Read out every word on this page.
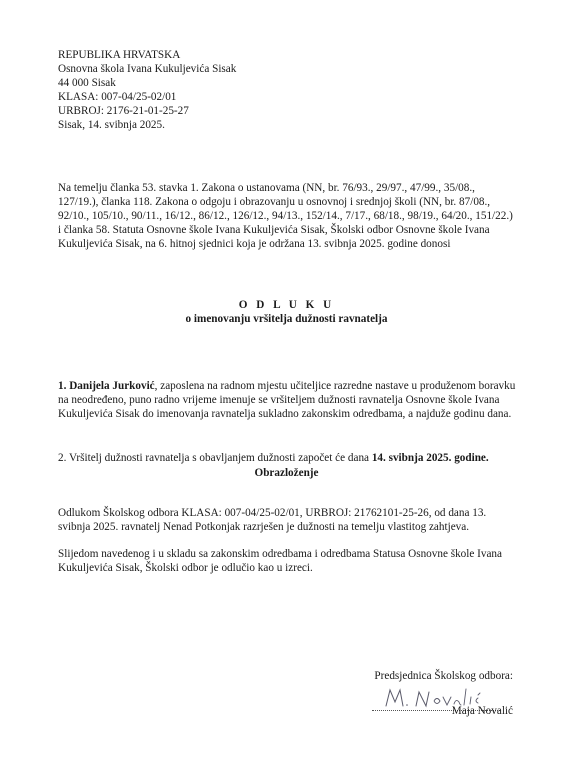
REPUBLIKA HRVATSKA
Osnovna škola Ivana Kukuljevića Sisak
44 000 Sisak
KLASA: 007-04/25-02/01
URBROJ: 2176-21-01-25-27
Sisak, 14. svibnja 2025.
Na temelju članka 53. stavka 1. Zakona o ustanovama (NN, br. 76/93., 29/97., 47/99., 35/08., 127/19.), članka 118. Zakona o odgoju i obrazovanju u osnovnoj i srednjoj školi (NN, br. 87/08., 92/10., 105/10., 90/11., 16/12., 86/12., 126/12., 94/13., 152/14., 7/17., 68/18., 98/19., 64/20., 151/22.) i članka 58. Statuta Osnovne škole Ivana Kukuljevića Sisak, Školski odbor Osnovne škole Ivana Kukuljevića Sisak, na 6. hitnoj sjednici koja je održana 13. svibnja 2025. godine donosi
O D L U K U
o imenovanju vršitelja dužnosti ravnatelja
1. Danijela Jurković, zaposlena na radnom mjestu učiteljice razredne nastave u produženom boravku na neodređeno, puno radno vrijeme imenuje se vršiteljem dužnosti ravnatelja Osnovne škole Ivana Kukuljevića Sisak do imenovanja ravnatelja sukladno zakonskim odredbama, a najduže godinu dana.
2. Vršitelj dužnosti ravnatelja s obavljanjem dužnosti započet će dana 14. svibnja 2025. godine.
Obrazloženje
Odlukom Školskog odbora KLASA: 007-04/25-02/01, URBROJ: 21762101-25-26, od dana 13. svibnja 2025. ravnatelj Nenad Potkonjak razrješen je dužnosti na temelju vlastitog zahtjeva.
Slijedom navedenog i u skladu sa zakonskim odredbama i odredbama Statusa Osnovne škole Ivana Kukuljevića Sisak, Školski odbor je odlučio kao u izreci.
Predsjednica Školskog odbora:
Maja Novalić
